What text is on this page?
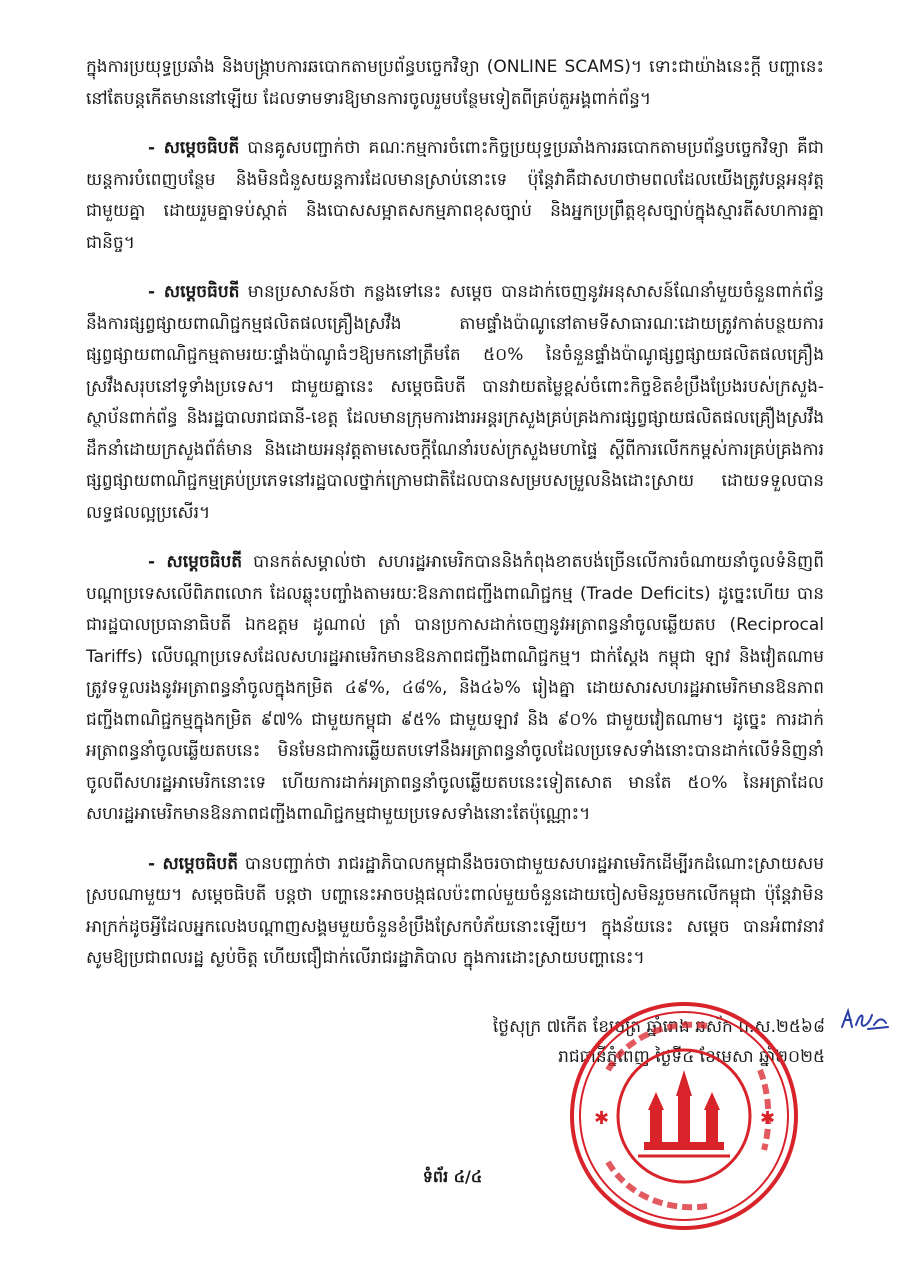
ក្នុងការប្រយុទ្ធប្រឆាំង និងបង្ក្រាបការឆបោកតាមប្រព័ន្ធបច្ចេកវិទ្យា (ONLINE SCAMS)។ ទោះជាយ៉ាងនេះក្តី បញ្ហានេះនៅតែបន្តកើតមាននៅឡើយ ដែលទាមទារឱ្យមានការចូលរួមបន្ថែមទៀតពីគ្រប់តួអង្គពាក់ព័ន្ធ។

- សម្តេចធិបតី បានគូសបញ្ជាក់ថា គណៈកម្មការចំពោះកិច្ចប្រយុទ្ធប្រឆាំងការឆបោកតាមប្រព័ន្ធបច្ចេកវិទ្យា គឺជាយន្តការបំពេញបន្ថែម និងមិនជំនួសយន្តការដែលមានស្រាប់នោះទេ ប៉ុន្តែវាគឺជាសហថាមពលដែលយើងត្រូវបន្តអនុវត្តជាមួយគ្នា ដោយរួមគ្នាទប់ស្កាត់ និងបោសសម្អាតសកម្មភាពខុសច្បាប់ និងអ្នកប្រព្រឹត្តខុសច្បាប់ក្នុងស្មារតីសហការគ្នាជានិច្ច។

- សម្តេចធិបតី មានប្រសាសន៍ថា កន្លងទៅនេះ សម្តេច បានដាក់ចេញនូវអនុសាសន៍ណែនាំមួយចំនួនពាក់ព័ន្ធនឹងការផ្សព្វផ្សាយពាណិជ្ជកម្មផលិតផលគ្រឿងស្រវឹង តាមផ្ទាំងប៉ាណូនៅតាមទីសាធារណៈដោយត្រូវកាត់បន្ថយការផ្សព្វផ្សាយពាណិជ្ជកម្មតាមរយៈផ្ទាំងប៉ាណូធំៗឱ្យមកនៅត្រឹមតែ ៥០% នៃចំនួនផ្ទាំងប៉ាណូផ្សព្វផ្សាយផលិតផលគ្រឿងស្រវឹងសរុបនៅទូទាំងប្រទេស។ ជាមួយគ្នានេះ សម្តេចធិបតី បានវាយតម្លៃខ្ពស់ចំពោះកិច្ចខិតខំប្រឹងប្រែងរបស់ក្រសួង-ស្ថាប័នពាក់ព័ន្ធ និងរដ្ឋបាលរាជធានី-ខេត្ត ដែលមានក្រុមការងារអន្តរក្រសួងគ្រប់គ្រងការផ្សព្វផ្សាយផលិតផលគ្រឿងស្រវឹងដឹកនាំដោយក្រសួងព័ត៌មាន និងដោយអនុវត្តតាមសេចក្តីណែនាំរបស់ក្រសួងមហាផ្ទៃ ស្តីពីការលើកកម្ពស់ការគ្រប់គ្រងការផ្សព្វផ្សាយពាណិជ្ជកម្មគ្រប់ប្រភេទនៅរដ្ឋបាលថ្នាក់ក្រោមជាតិដែលបានសម្របសម្រួលនិងដោះស្រាយ ដោយទទួលបានលទ្ធផលល្អប្រសើរ។

- សម្តេចធិបតី បានកត់សម្គាល់ថា សហរដ្ឋអាមេរិកបាននិងកំពុងខាតបង់ច្រើនលើការចំណាយនាំចូលទំនិញពីបណ្តាប្រទេសលើពិភពលោក ដែលឆ្លុះបញ្ចាំងតាមរយៈឱនភាពជញ្ជីងពាណិជ្ជកម្ម (Trade Deficits) ដូច្នេះហើយ បានជារដ្ឋបាលប្រធានាធិបតី ឯកឧត្តម ដូណាល់ ត្រាំ បានប្រកាសដាក់ចេញនូវអត្រាពន្ធនាំចូលឆ្លើយតប (Reciprocal Tariffs) លើបណ្តាប្រទេសដែលសហរដ្ឋអាមេរិកមានឱនភាពជញ្ជីងពាណិជ្ជកម្ម។ ជាក់ស្តែង កម្ពុជា ឡាវ និងវៀតណាម ត្រូវទទួលរងនូវអត្រាពន្ធនាំចូលក្នុងកម្រិត ៤៩%, ៤៨%, និង៤៦% រៀងគ្នា ដោយសារសហរដ្ឋអាមេរិកមានឱនភាពជញ្ជីងពាណិជ្ជកម្មក្នុងកម្រិត ៩៧% ជាមួយកម្ពុជា ៩៥% ជាមួយឡាវ និង ៩០% ជាមួយវៀតណាម។ ដូច្នេះ ការដាក់អត្រាពន្ធនាំចូលឆ្លើយតបនេះ មិនមែនជាការឆ្លើយតបទៅនឹងអត្រាពន្ធនាំចូលដែលប្រទេសទាំងនោះបានដាក់លើទំនិញនាំចូលពីសហរដ្ឋអាមេរិកនោះទេ ហើយការដាក់អត្រាពន្ធនាំចូលឆ្លើយតបនេះទៀតសោត មានតែ ៥០% នៃអត្រាដែលសហរដ្ឋអាមេរិកមានឱនភាពជញ្ជីងពាណិជ្ជកម្មជាមួយប្រទេសទាំងនោះតែប៉ុណ្ណោះ។

- សម្តេចធិបតី បានបញ្ជាក់ថា រាជរដ្ឋាភិបាលកម្ពុជានឹងចរចាជាមួយសហរដ្ឋអាមេរិកដើម្បីរកដំណោះស្រាយសមស្របណាមួយ។ សម្តេចធិបតី បន្តថា បញ្ហានេះអាចបង្កផលប៉ះពាល់មួយចំនួនដោយចៀសមិនរួចមកលើកម្ពុជា ប៉ុន្តែវាមិនអាក្រក់ដូចអ្វីដែលអ្នកលេងបណ្តាញសង្គមមួយចំនួនខំប្រឹងស្រែកបំភ័យនោះឡើយ។ ក្នុងន័យនេះ សម្តេច បានអំពាវនាវសូមឱ្យប្រជាពលរដ្ឋ ស្ងប់ចិត្ត ហើយជឿជាក់លើរាជរដ្ឋាភិបាល ក្នុងការដោះស្រាយបញ្ហានេះ។

ថ្ងៃសុក្រ ៧កើត ខែចេត្រ ឆ្នាំរោង ឆស័ក ព.ស.២៥៦៨
រាជធានីភ្នំពេញ ថ្ងៃទី៤ ខែមេសា ឆ្នាំ២០២៥
✱	✱
ទំព័រ ៤/៤
